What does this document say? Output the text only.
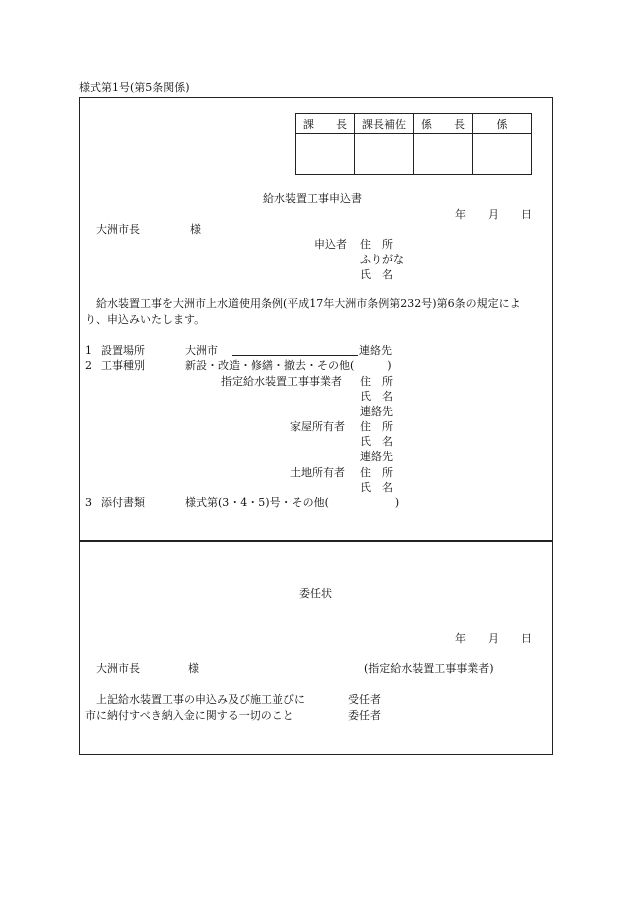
様式第1号(第5条関係)
課　　長	課長補佐	係　　長	係

給水装置工事申込書
年　　月　　日
大洲市長	様
申込者 住　所
ふりがな
氏　名
給水装置工事を大洲市上水道使用条例(平成17年大洲市条例第232号)第6条の規定によ
り、申込みいたします。
1 設置場所	大洲市	連絡先
2 工事種別	新設・改造・修繕・撤去・その他(　　　)
指定給水装置工事事業者 住　所
氏　名
連絡先
家屋所有者 住　所
氏　名
連絡先
土地所有者 住　所
氏　名
3 添付書類	様式第(3・4・5)号・その他(　　　　　　)
委任状
年　　月　　日
大洲市長	様	(指定給水装置工事事業者)
上記給水装置工事の申込み及び施工並びに
市に納付すべき納入金に関する一切のこと
受任者
委任者
